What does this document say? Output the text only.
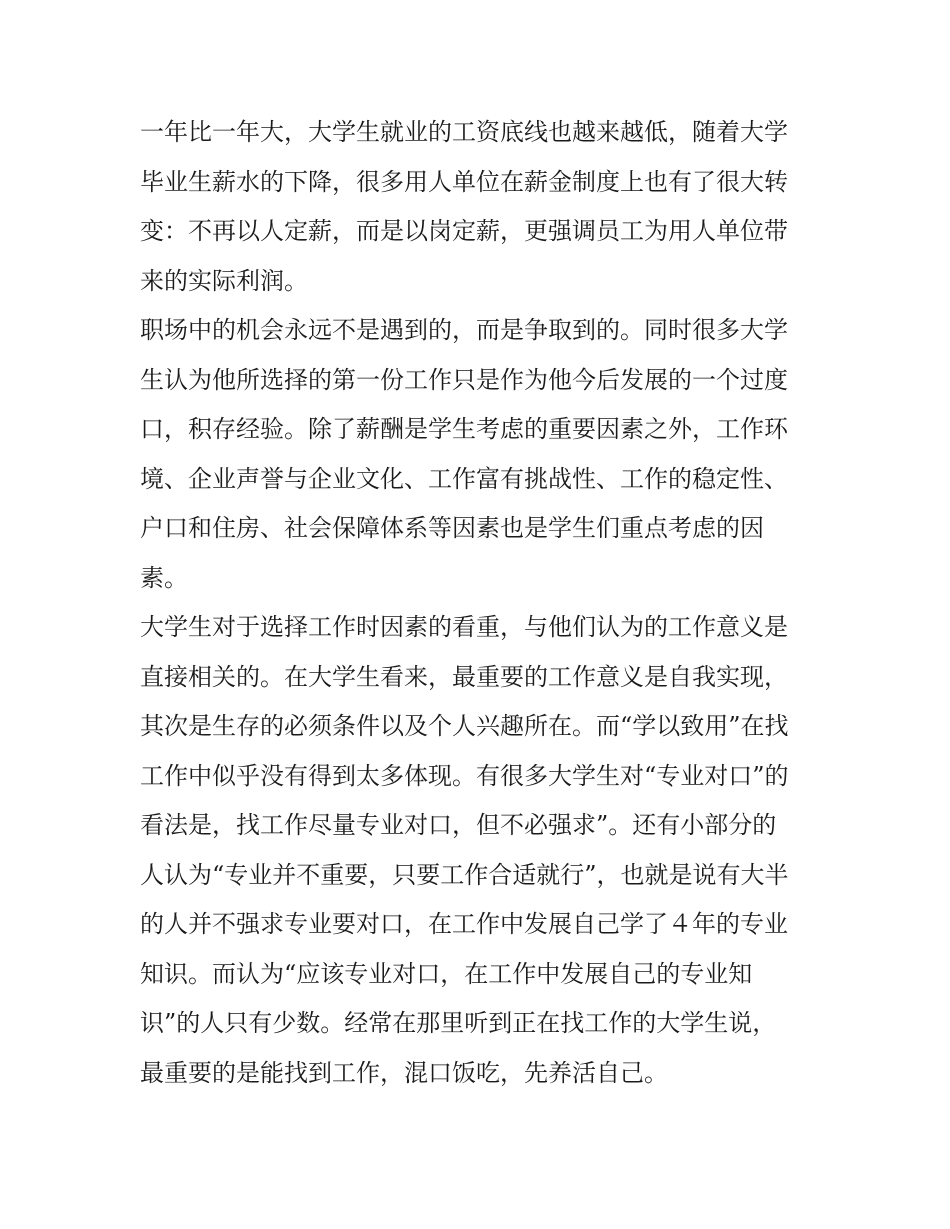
一年比一年大，大学生就业的工资底线也越来越低，随着大学
毕业生薪水的下降，很多用人单位在薪金制度上也有了很大转
变：不再以人定薪，而是以岗定薪，更强调员工为用人单位带
来的实际利润。
职场中的机会永远不是遇到的，而是争取到的。同时很多大学
生认为他所选择的第一份工作只是作为他今后发展的一个过度
口，积存经验。除了薪酬是学生考虑的重要因素之外，工作环
境、企业声誉与企业文化、工作富有挑战性、工作的稳定性、
户口和住房、社会保障体系等因素也是学生们重点考虑的因
素。
大学生对于选择工作时因素的看重，与他们认为的工作意义是
直接相关的。在大学生看来，最重要的工作意义是自我实现，
其次是生存的必须条件以及个人兴趣所在。而“学以致用”在找
工作中似乎没有得到太多体现。有很多大学生对“专业对口”的
看法是，找工作尽量专业对口，但不必强求”。还有小部分的
人认为“专业并不重要，只要工作合适就行”，也就是说有大半
的人并不强求专业要对口，在工作中发展自己学了４年的专业
知识。而认为“应该专业对口，在工作中发展自己的专业知
识”的人只有少数。经常在那里听到正在找工作的大学生说，
最重要的是能找到工作，混口饭吃，先养活自己。
